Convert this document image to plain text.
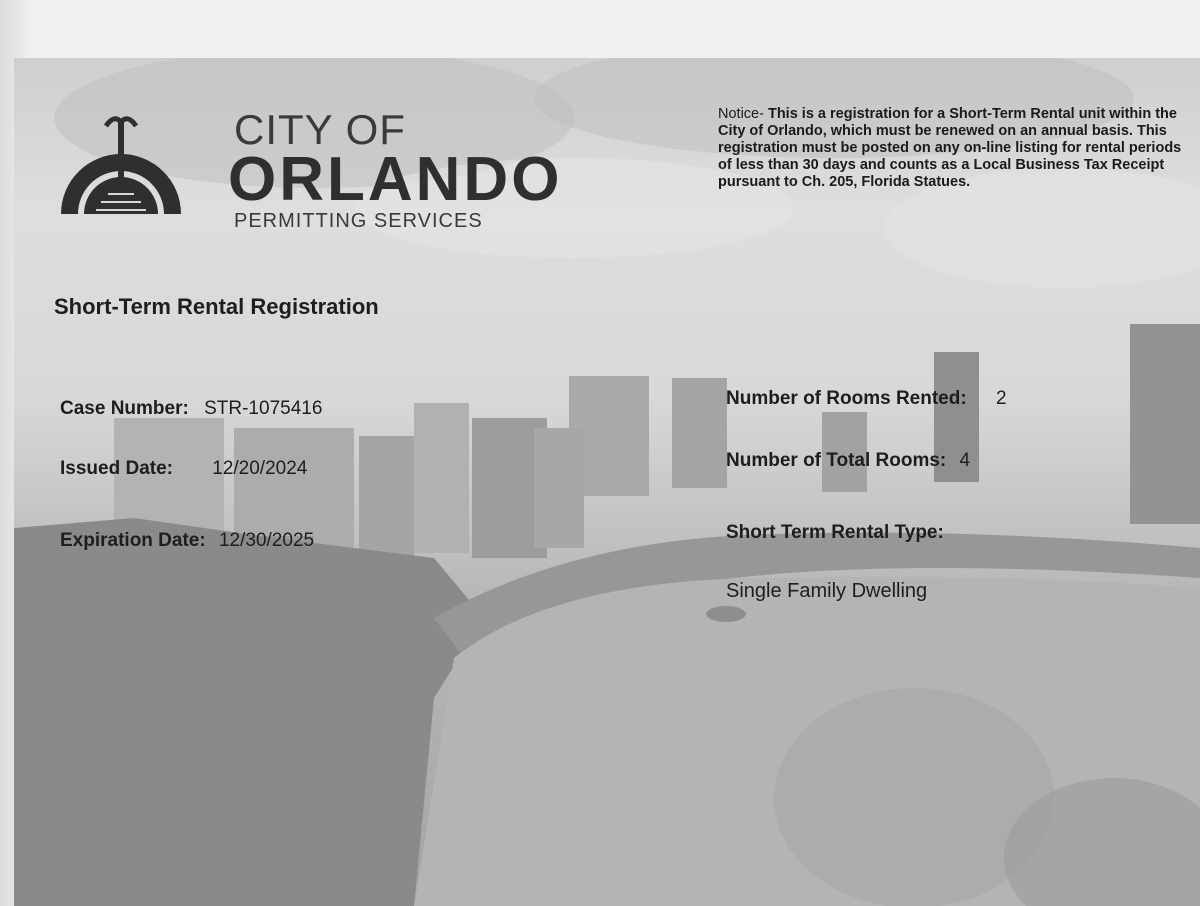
CITY OF
ORLANDO
PERMITTING SERVICES
Notice- This is a registration for a Short-Term Rental unit within the City of Orlando, which must be renewed on an annual basis. This registration must be posted on any on-line listing for rental periods of less than 30 days and counts as a Local Business Tax Receipt pursuant to Ch. 205, Florida Statues.
Short-Term Rental Registration
Case Number: STR-1075416
Issued Date: 12/20/2024
Expiration Date: 12/30/2025
Number of Rooms Rented: 2
Number of Total Rooms: 4
Short Term Rental Type:
Single Family Dwelling
